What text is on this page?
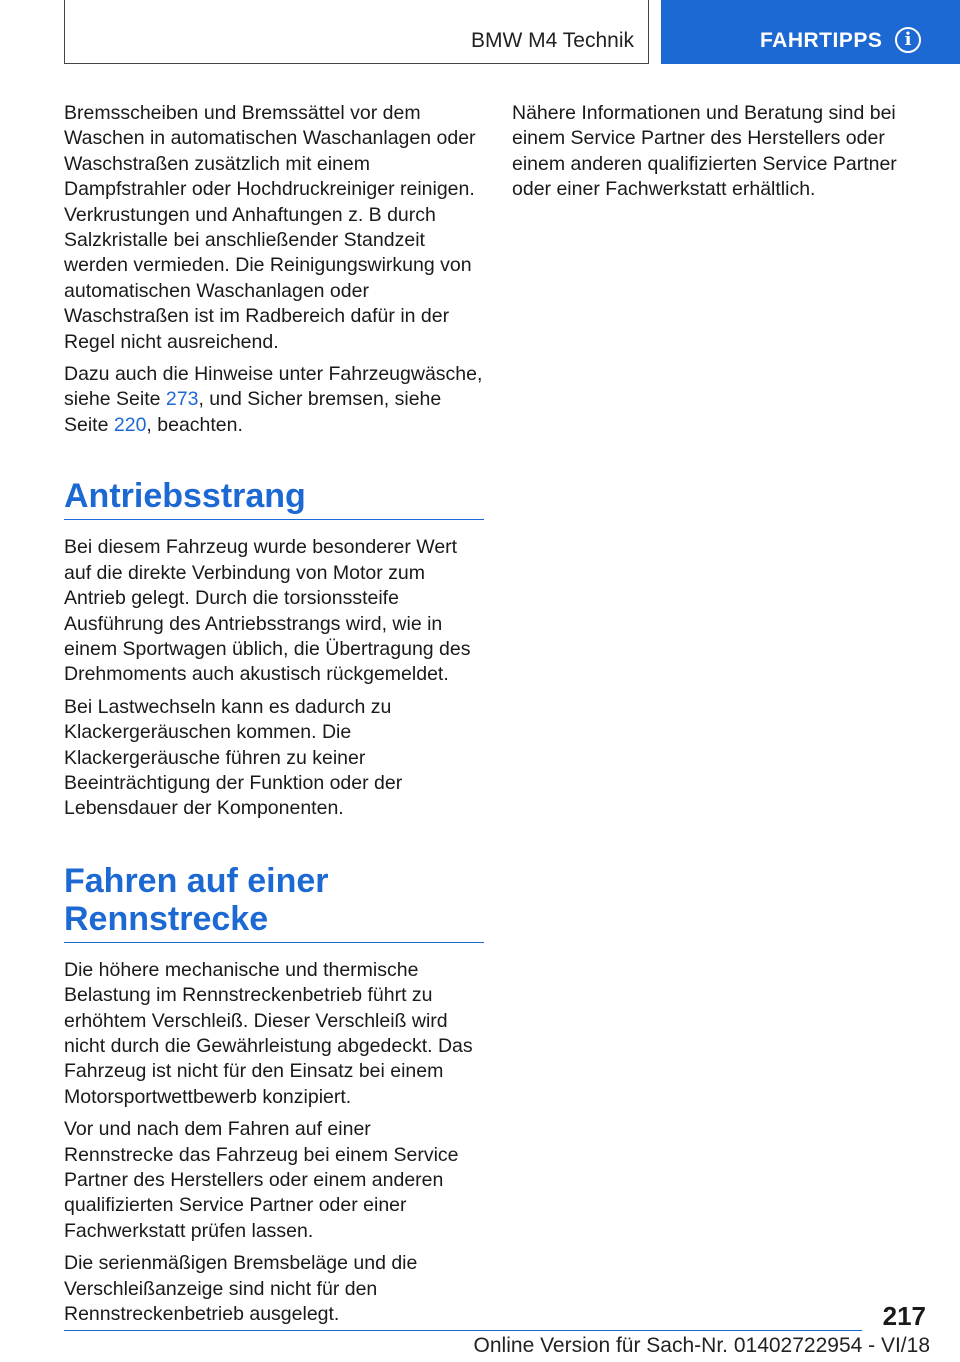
BMW M4 Technik	FAHRTIPPS	i

Bremsscheiben und Bremssättel vor dem Waschen in automatischen Waschanlagen oder Waschstraßen zusätzlich mit einem Dampfstrahler oder Hochdruckreiniger reinigen. Verkrustungen und Anhaftungen z. B durch Salzkristalle bei anschließender Standzeit werden vermieden. Die Reinigungswirkung von automatischen Waschanlagen oder Waschstraßen ist im Radbereich dafür in der Regel nicht ausreichend.

Dazu auch die Hinweise unter Fahrzeugwäsche, siehe Seite 273, und Sicher bremsen, siehe Seite 220, beachten.

Antriebsstrang

Bei diesem Fahrzeug wurde besonderer Wert auf die direkte Verbindung von Motor zum Antrieb gelegt. Durch die torsionssteife Ausführung des Antriebsstrangs wird, wie in einem Sportwagen üblich, die Übertragung des Drehmoments auch akustisch rückgemeldet.

Bei Lastwechseln kann es dadurch zu Klackergeräuschen kommen. Die Klackergeräusche führen zu keiner Beeinträchtigung der Funktion oder der Lebensdauer der Komponenten.

Fahren auf einer Rennstrecke

Die höhere mechanische und thermische Belastung im Rennstreckenbetrieb führt zu erhöhtem Verschleiß. Dieser Verschleiß wird nicht durch die Gewährleistung abgedeckt. Das Fahrzeug ist nicht für den Einsatz bei einem Motorsportwettbewerb konzipiert.

Vor und nach dem Fahren auf einer Rennstrecke das Fahrzeug bei einem Service Partner des Herstellers oder einem anderen qualifizierten Service Partner oder einer Fachwerkstatt prüfen lassen.

Die serienmäßigen Bremsbeläge und die Verschleißanzeige sind nicht für den Rennstreckenbetrieb ausgelegt.

Nähere Informationen und Beratung sind bei einem Service Partner des Herstellers oder einem anderen qualifizierten Service Partner oder einer Fachwerkstatt erhältlich.

217
Online Version für Sach-Nr. 01402722954 - VI/18
